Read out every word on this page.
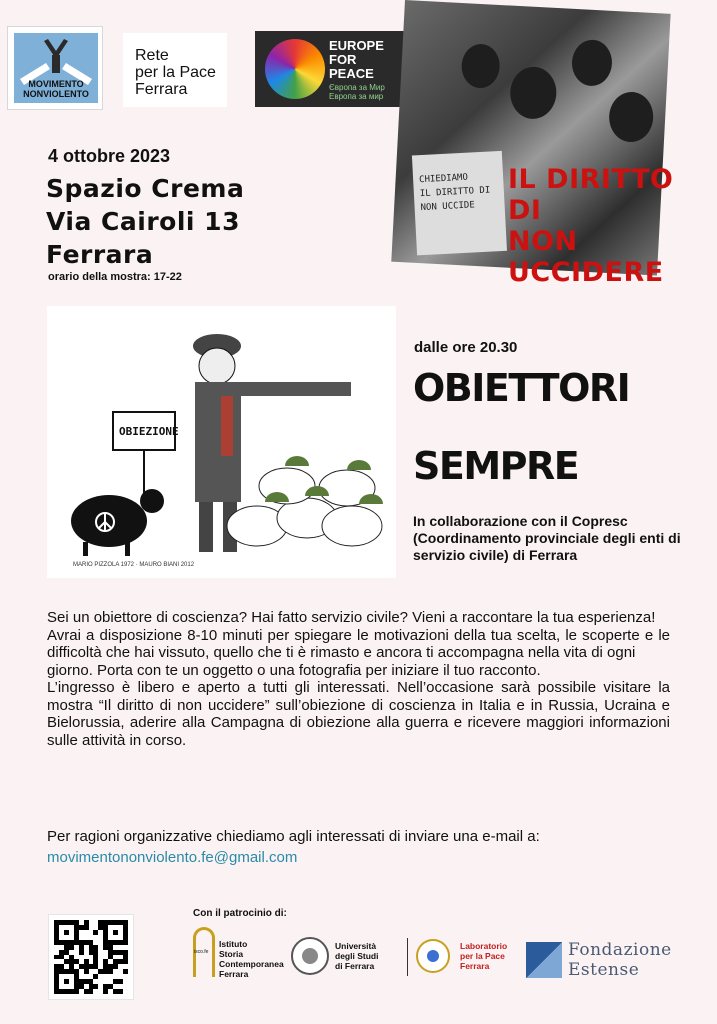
MOVIMENTO
NONVIOLENTO
Rete
per la Pace
Ferrara
EUROPE
FOR
PEACE
Європа за Мир
Европа за мир
CHIEDIAMO
IL DIRITTO DI
NON UCCIDE
IL DIRITTO
DI
NON
UCCIDERE
4 ottobre 2023
Spazio Crema
Via Cairoli 13
Ferrara
orario della mostra: 17-22
OBIEZIONE
MARIO PIZZOLA 1972 · MAURO BIANI 2012
dalle ore 20.30
OBIETTORI
SEMPRE
In collaborazione con il Copresc (Coordinamento provinciale degli enti di servizio civile) di Ferrara

Sei un obiettore di coscienza? Hai fatto servizio civile? Vieni a raccontare la tua esperienza!

Avrai a disposizione 8-10 minuti per spiegare le motivazioni della tua scelta, le scoperte e le difficoltà che hai vissuto, quello che ti è rimasto e ancora ti accompagna nella vita di ogni

giorno. Porta con te un oggetto o una fotografia per iniziare il tuo racconto.

L’ingresso è libero e aperto a tutti gli interessati. Nell’occasione sarà possibile visitare la mostra “Il diritto di non uccidere” sull’obiezione di coscienza in Italia e in Russia, Ucraina e Bielorussia, aderire alla Campagna di obiezione alla guerra e ricevere maggiori informazioni sulle attività in corso.

Per ragioni organizzative chiediamo agli interessati di inviare una e-mail a:
movimentononviolento.fe@gmail.com
Con il patrocinio di:
isco.fe
Istituto
Storia
Contemporanea
Ferrara
Università
degli Studi
di Ferrara
Laboratorio
per la Pace
Ferrara
Fondazione
Estense
